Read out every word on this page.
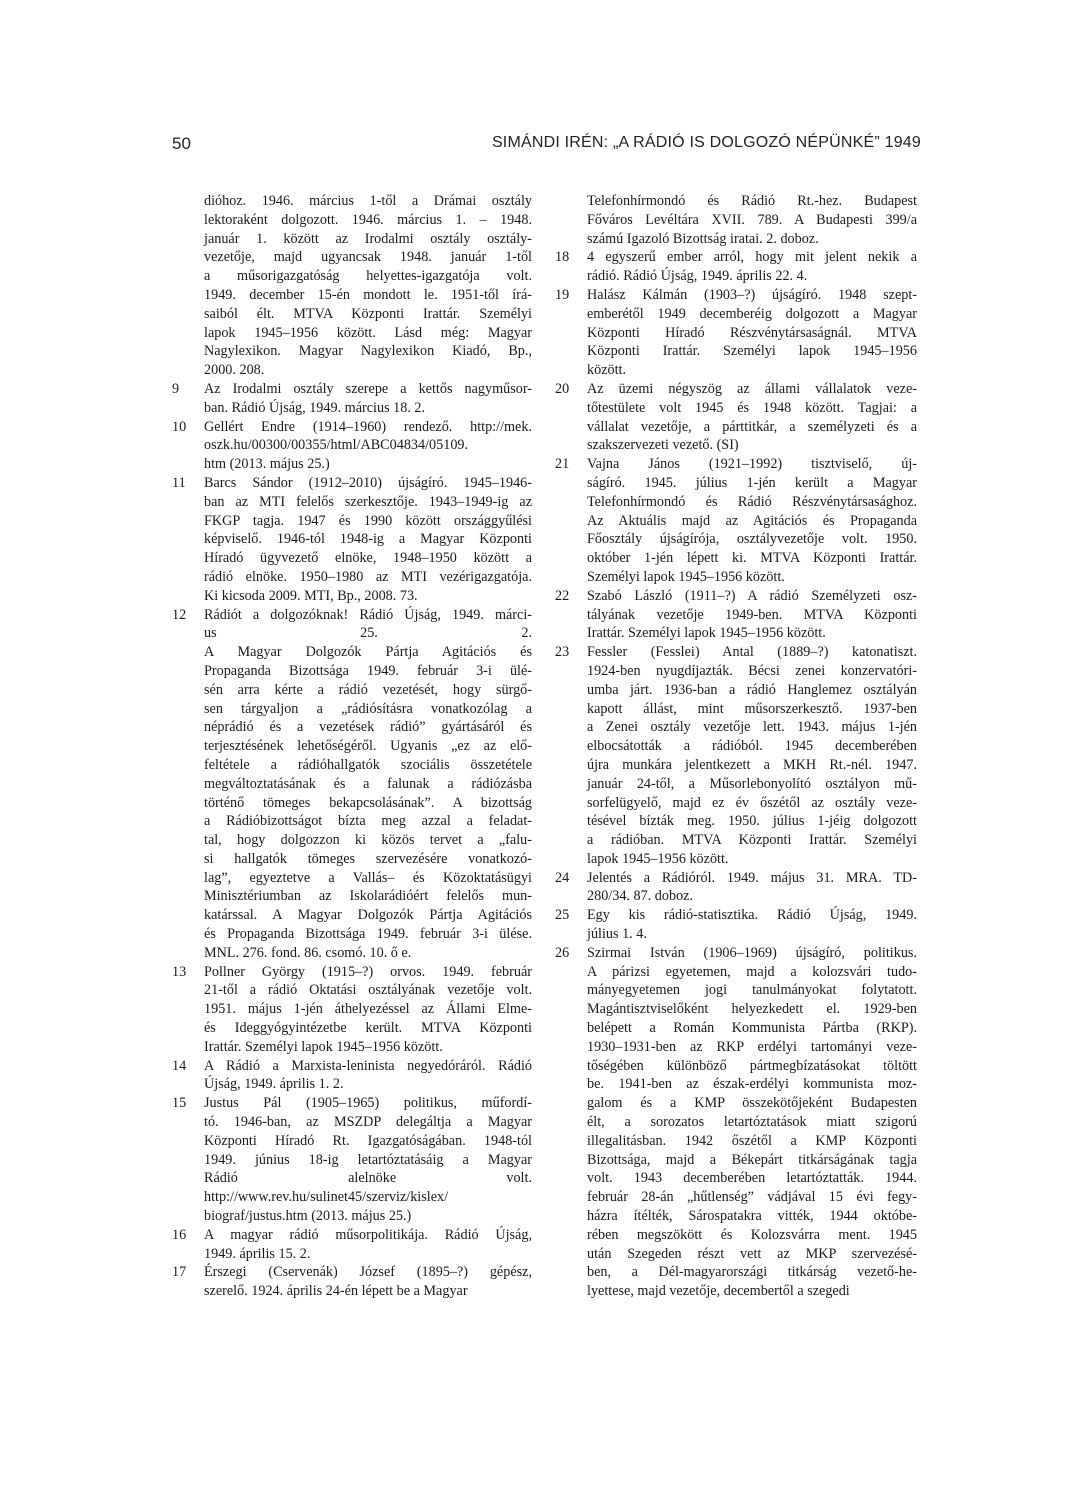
50	SIMÁNDI IRÉN: „A RÁDIÓ IS DOLGOZÓ NÉPÜNKÉ” 1949

dióhoz. 1946. március 1-től a Drámai osztály
lektoraként dolgozott. 1946. március 1. – 1948.
január 1. között az Irodalmi osztály osztály-
vezetője, majd ugyancsak 1948. január 1-től
a műsorigazgatóság helyettes-igazgatója volt.
1949. december 15-én mondott le. 1951-től írá-
saiból élt. MTVA Központi Irattár. Személyi
lapok 1945–1956 között. Lásd még: Magyar
Nagylexikon. Magyar Nagylexikon Kiadó, Bp.,
2000. 208.

9 Az Irodalmi osztály szerepe a kettős nagyműsor-
ban. Rádió Újság, 1949. március 18. 2.

10 Gellért Endre (1914–1960) rendező. http://mek.
oszk.hu/00300/00355/html/ABC04834/05109.
htm (2013. május 25.)

11 Barcs Sándor (1912–2010) újságíró. 1945–1946-
ban az MTI felelős szerkesztője. 1943–1949-ig az
FKGP tagja. 1947 és 1990 között országgyűlési
képviselő. 1946-tól 1948-ig a Magyar Központi
Híradó ügyvezető elnöke, 1948–1950 között a
rádió elnöke. 1950–1980 az MTI vezérigazgatója.
Ki kicsoda 2009. MTI, Bp., 2008. 73.

12 Rádiót a dolgozóknak! Rádió Újság, 1949. márci-
us 25. 2.
A Magyar Dolgozók Pártja Agitációs és
Propaganda Bizottsága 1949. február 3-i ülé-
sén arra kérte a rádió vezetését, hogy sürgő-
sen tárgyaljon a „rádiósításra vonatkozólag a
néprádió és a vezetések rádió” gyártásáról és
terjesztésének lehetőségéről. Ugyanis „ez az elő-
feltétele a rádióhallgatók szociális összetétele
megváltoztatásának és a falunak a rádiózásba
történő tömeges bekapcsolásának”. A bizottság
a Rádióbizottságot bízta meg azzal a feladat-
tal, hogy dolgozzon ki közös tervet a „falu-
si hallgatók tömeges szervezésére vonatkozó-
lag”, egyeztetve a Vallás– és Közoktatásügyi
Minisztériumban az Iskolarádióért felelős mun-
katárssal. A Magyar Dolgozók Pártja Agitációs
és Propaganda Bizottsága 1949. február 3-i ülése.
MNL. 276. fond. 86. csomó. 10. ő e.

13 Pollner György (1915–?) orvos. 1949. február
21-től a rádió Oktatási osztályának vezetője volt.
1951. május 1-jén áthelyezéssel az Állami Elme-
és Ideggyógyintézetbe került. MTVA Központi
Irattár. Személyi lapok 1945–1956 között.

14 A Rádió a Marxista-leninista negyedóráról. Rádió
Újság, 1949. április 1. 2.

15 Justus Pál (1905–1965) politikus, műfordí-
tó. 1946-ban, az MSZDP delegáltja a Magyar
Központi Híradó Rt. Igazgatóságában. 1948-tól
1949. június 18-ig letartóztatásáig a Magyar
Rádió alelnöke volt.
http://www.rev.hu/sulinet45/szerviz/kislex/
biograf/justus.htm (2013. május 25.)

16 A magyar rádió műsorpolitikája. Rádió Újság,
1949. április 15. 2.

17 Érszegi (Cservenák) József (1895–?) gépész,
szerelő. 1924. április 24-én lépett be a Magyar

Telefonhírmondó és Rádió Rt.-hez. Budapest
Főváros Levéltára XVII. 789. A Budapesti 399/a
számú Igazoló Bizottság iratai. 2. doboz.

18 4 egyszerű ember arról, hogy mit jelent nekik a
rádió. Rádió Újság, 1949. április 22. 4.

19 Halász Kálmán (1903–?) újságíró. 1948 szept-
emberétől 1949 decemberéig dolgozott a Magyar
Központi Híradó Részvénytársaságnál. MTVA
Központi Irattár. Személyi lapok 1945–1956
között.

20 Az üzemi négyszög az állami vállalatok veze-
tőtestülete volt 1945 és 1948 között. Tagjai: a
vállalat vezetője, a párttitkár, a személyzeti és a
szakszervezeti vezető. (SI)

21 Vajna János (1921–1992) tisztviselő, új-
ságíró. 1945. július 1-jén került a Magyar
Telefonhírmondó és Rádió Részvénytársasághoz.
Az Aktuális majd az Agitációs és Propaganda
Főosztály újságírója, osztályvezetője volt. 1950.
október 1-jén lépett ki. MTVA Központi Irattár.
Személyi lapok 1945–1956 között.

22 Szabó László (1911–?) A rádió Személyzeti osz-
tályának vezetője 1949-ben. MTVA Központi
Irattár. Személyi lapok 1945–1956 között.

23 Fessler (Fesslei) Antal (1889–?) katonatiszt.
1924-ben nyugdíjazták. Bécsi zenei konzervatóri-
umba járt. 1936-ban a rádió Hanglemez osztályán
kapott állást, mint műsorszerkesztő. 1937-ben
a Zenei osztály vezetője lett. 1943. május 1-jén
elbocsátották a rádióból. 1945 decemberében
újra munkára jelentkezett a MKH Rt.-nél. 1947.
január 24-től, a Műsorlebonyolító osztályon mű-
sorfelügyelő, majd ez év őszétől az osztály veze-
tésével bízták meg. 1950. július 1-jéig dolgozott
a rádióban. MTVA Központi Irattár. Személyi
lapok 1945–1956 között.

24 Jelentés a Rádióról. 1949. május 31. MRA. TD-
280/34. 87. doboz.

25 Egy kis rádió-statisztika. Rádió Újság, 1949.
július 1. 4.

26 Szirmai István (1906–1969) újságíró, politikus.
A párizsi egyetemen, majd a kolozsvári tudo-
mányegyetemen jogi tanulmányokat folytatott.
Magántisztviselőként helyezkedett el. 1929-ben
belépett a Román Kommunista Pártba (RKP).
1930–1931-ben az RKP erdélyi tartományi veze-
tőségében különböző pártmegbízatásokat töltött
be. 1941-ben az észak-erdélyi kommunista moz-
galom és a KMP összekötőjeként Budapesten
élt, a sorozatos letartóztatások miatt szigorú
illegalitásban. 1942 őszétől a KMP Központi
Bizottsága, majd a Békepárt titkárságának tagja
volt. 1943 decemberében letartóztatták. 1944.
február 28-án „hűtlenség” vádjával 15 évi fegy-
házra ítélték, Sárospatakra vitték, 1944 októbe-
rében megszökött és Kolozsvárra ment. 1945
után Szegeden részt vett az MKP szervezésé-
ben, a Dél-magyarországi titkárság vezető-he-
lyettese, majd vezetője, decembertől a szegedi
